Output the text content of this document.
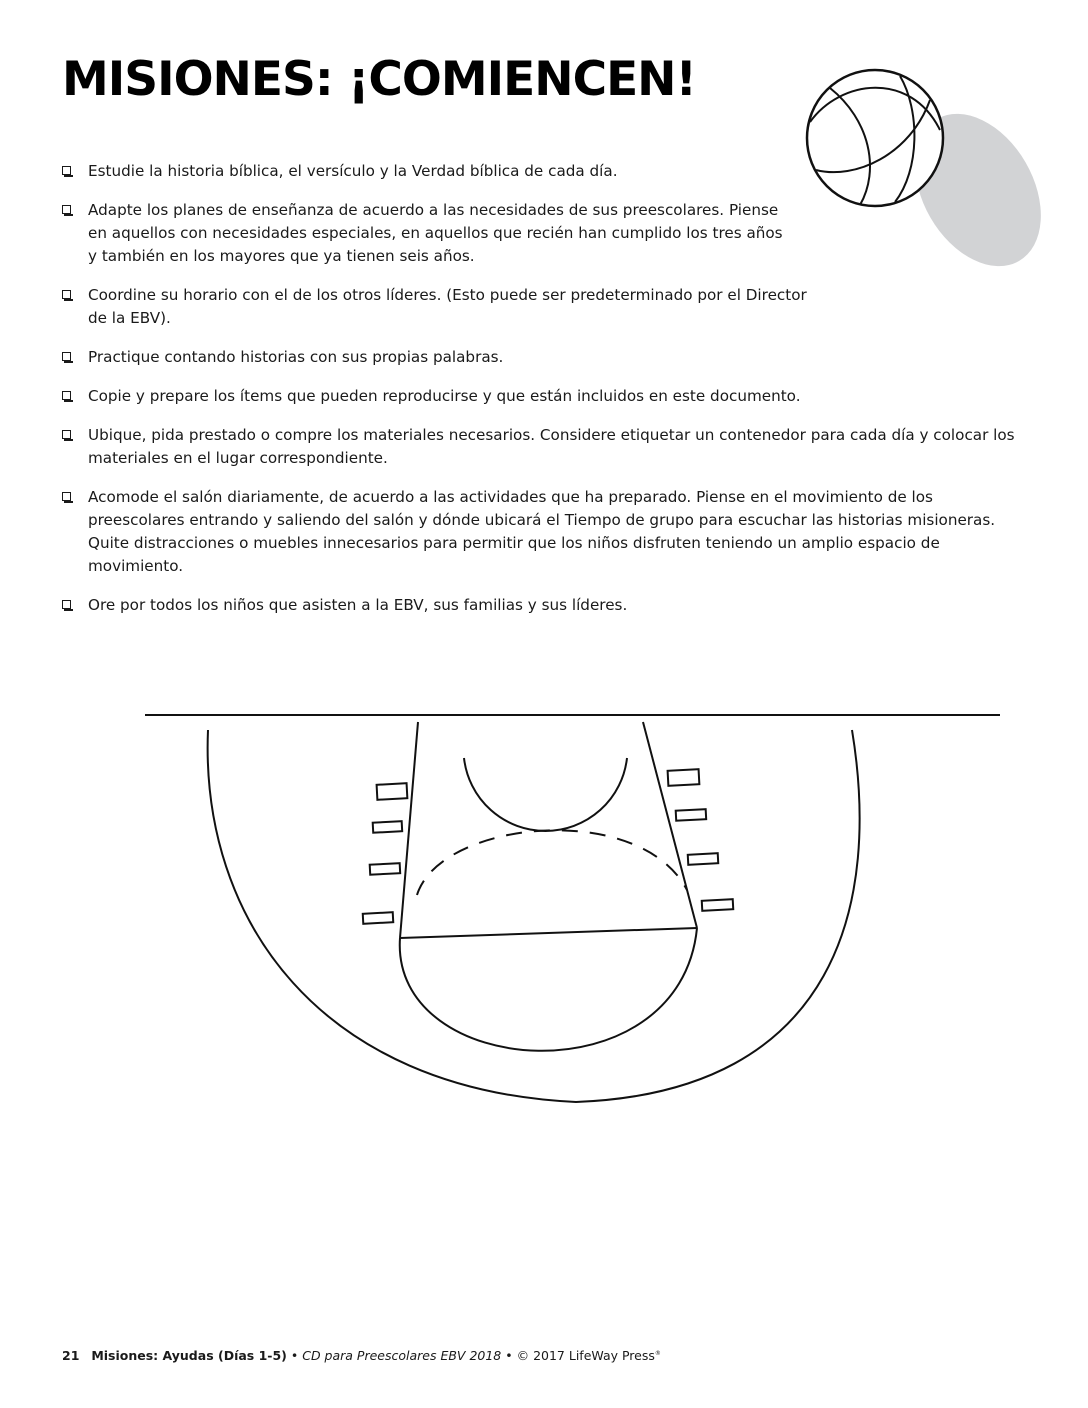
MISIONES: ¡COMIENCEN!
Estudie la historia bíblica, el versículo y la Verdad bíblica de cada día.
Adapte los planes de enseñanza de acuerdo a las necesidades de sus preescolares. Piense en aquellos con necesidades especiales, en aquellos que recién han cumplido los tres años y también en los mayores que ya tienen seis años.
Coordine su horario con el de los otros líderes. (Esto puede ser predeterminado por el Director de la EBV).
Practique contando historias con sus propias palabras.
Copie y prepare los ítems que pueden reproducirse y que están incluidos en este documento.
Ubique, pida prestado o compre los materiales necesarios. Considere etiquetar un contenedor para cada día y colocar los materiales en el lugar correspondiente.
Acomode el salón diariamente, de acuerdo a las actividades que ha preparado. Piense en el movimiento de los preescolares entrando y saliendo del salón y dónde ubicará el Tiempo de grupo para escuchar las historias misioneras. Quite distracciones o muebles innecesarios para permitir que los niños disfruten teniendo un amplio espacio de movimiento.
Ore por todos los niños que asisten a la EBV, sus familias y sus líderes.
21 Misiones: Ayudas (Días 1-5) • CD para Preescolares EBV 2018 • © 2017 LifeWay Press®
